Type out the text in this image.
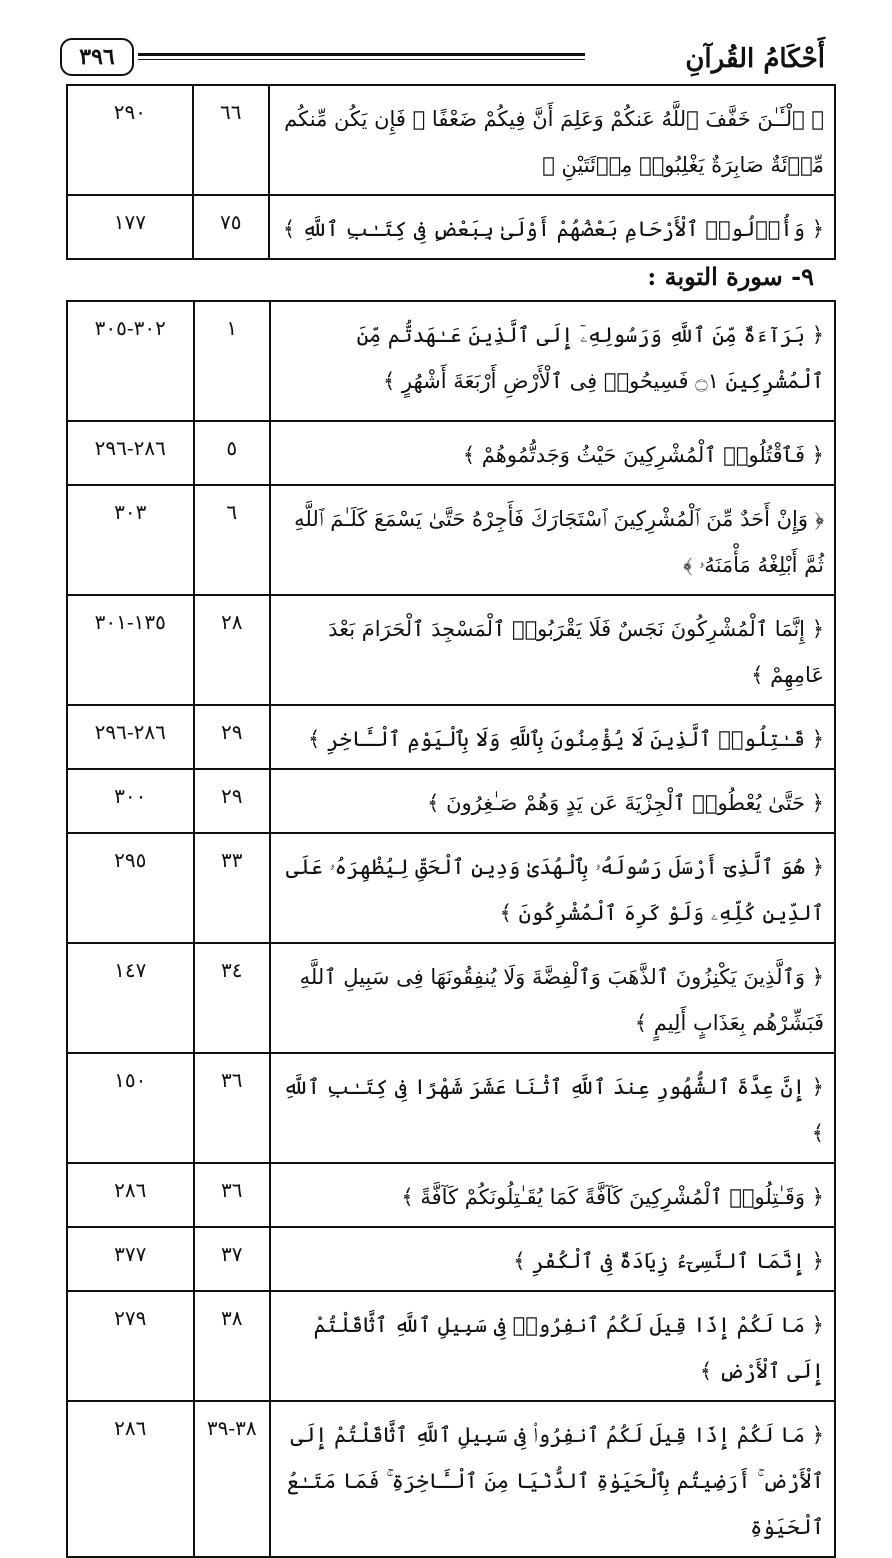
٣٩٦	أَحْكَامُ القُرآنِ
﴿ ٱلْـَٔـٰنَ خَفَّفَ ٱللَّهُ عَنكُمْ وَعَلِمَ أَنَّ فِيكُمْ ضَعْفًا ۚ فَإِن يَكُن مِّنكُم مِّا۟ئَةٌ صَابِرَةٌ يَغْلِبُوا۟ مِا۟ئَتَيْنِ ﴾	٦٦	٢٩٠
﴿ وَأُو۟لُوا۟ ٱلْأَرْحَامِ بَعْضُهُمْ أَوْلَىٰ بِبَعْضٍ فِى كِتَـٰبِ ٱللَّهِ ﴾	٧٥	١٧٧
٩- سورة التوبة :
﴿ بَرَآءَةٌ مِّنَ ٱللَّهِ وَرَسُولِهِۦٓ إِلَى ٱلَّذِينَ عَـٰهَدتُّم مِّنَ ٱلْمُشْرِكِينَ ۝١ فَسِيحُوا۟ فِى ٱلْأَرْضِ أَرْبَعَةَ أَشْهُرٍ ﴾	١	٣٠٢-٣٠٥
﴿ فَٱقْتُلُوا۟ ٱلْمُشْرِكِينَ حَيْثُ وَجَدتُّمُوهُمْ ﴾	٥	٢٨٦-٢٩٦
﴿ وَإِنْ أَحَدٌ مِّنَ ٱلْمُشْرِكِينَ ٱسْتَجَارَكَ فَأَجِرْهُ حَتَّىٰ يَسْمَعَ كَلَـٰمَ ٱللَّهِ ثُمَّ أَبْلِغْهُ مَأْمَنَهُۥ ﴾	٦	٣٠٣
﴿ إِنَّمَا ٱلْمُشْرِكُونَ نَجَسٌ فَلَا يَقْرَبُوا۟ ٱلْمَسْجِدَ ٱلْحَرَامَ بَعْدَ عَامِهِمْ ﴾	٢٨	١٣٥-٣٠١
﴿ قَـٰتِلُوا۟ ٱلَّذِينَ لَا يُؤْمِنُونَ بِٱللَّهِ وَلَا بِٱلْيَوْمِ ٱلْـَٔاخِرِ ﴾	٢٩	٢٨٦-٢٩٦
﴿ حَتَّىٰ يُعْطُوا۟ ٱلْجِزْيَةَ عَن يَدٍ وَهُمْ صَـٰغِرُونَ ﴾	٢٩	٣٠٠
﴿ هُوَ ٱلَّذِىٓ أَرْسَلَ رَسُولَهُۥ بِٱلْهُدَىٰ وَدِينِ ٱلْحَقِّ لِيُظْهِرَهُۥ عَلَى ٱلدِّينِ كُلِّهِۦ وَلَوْ كَرِهَ ٱلْمُشْرِكُونَ ﴾	٣٣	٢٩٥
﴿ وَٱلَّذِينَ يَكْنِزُونَ ٱلذَّهَبَ وَٱلْفِضَّةَ وَلَا يُنفِقُونَهَا فِى سَبِيلِ ٱللَّهِ فَبَشِّرْهُم بِعَذَابٍ أَلِيمٍ ﴾	٣٤	١٤٧
﴿ إِنَّ عِدَّةَ ٱلشُّهُورِ عِندَ ٱللَّهِ ٱثْنَا عَشَرَ شَهْرًا فِى كِتَـٰبِ ٱللَّهِ ﴾	٣٦	١٥٠
﴿ وَقَـٰتِلُوا۟ ٱلْمُشْرِكِينَ كَآفَّةً كَمَا يُقَـٰتِلُونَكُمْ كَآفَّةً ﴾	٣٦	٢٨٦
﴿ إِنَّمَا ٱلنَّسِىٓءُ زِيَادَةٌ فِى ٱلْكُفْرِ ﴾	٣٧	٣٧٧
﴿ مَا لَكُمْ إِذَا قِيلَ لَكُمُ ٱنفِرُوا۟ فِى سَبِيلِ ٱللَّهِ ٱثَّاقَلْتُمْ إِلَى ٱلْأَرْضِ ﴾	٣٨	٢٧٩
﴿ مَا لَكُمْ إِذَا قِيلَ لَكُمُ ٱنفِرُوا۟ فِى سَبِيلِ ٱللَّهِ ٱثَّاقَلْتُمْ إِلَى ٱلْأَرْضِ ۚ أَرَضِيتُم بِٱلْحَيَوٰةِ ٱلدُّنْيَا مِنَ ٱلْـَٔاخِرَةِ ۚ فَمَا مَتَـٰعُ ٱلْحَيَوٰةِ	٣٨-٣٩	٢٨٦
